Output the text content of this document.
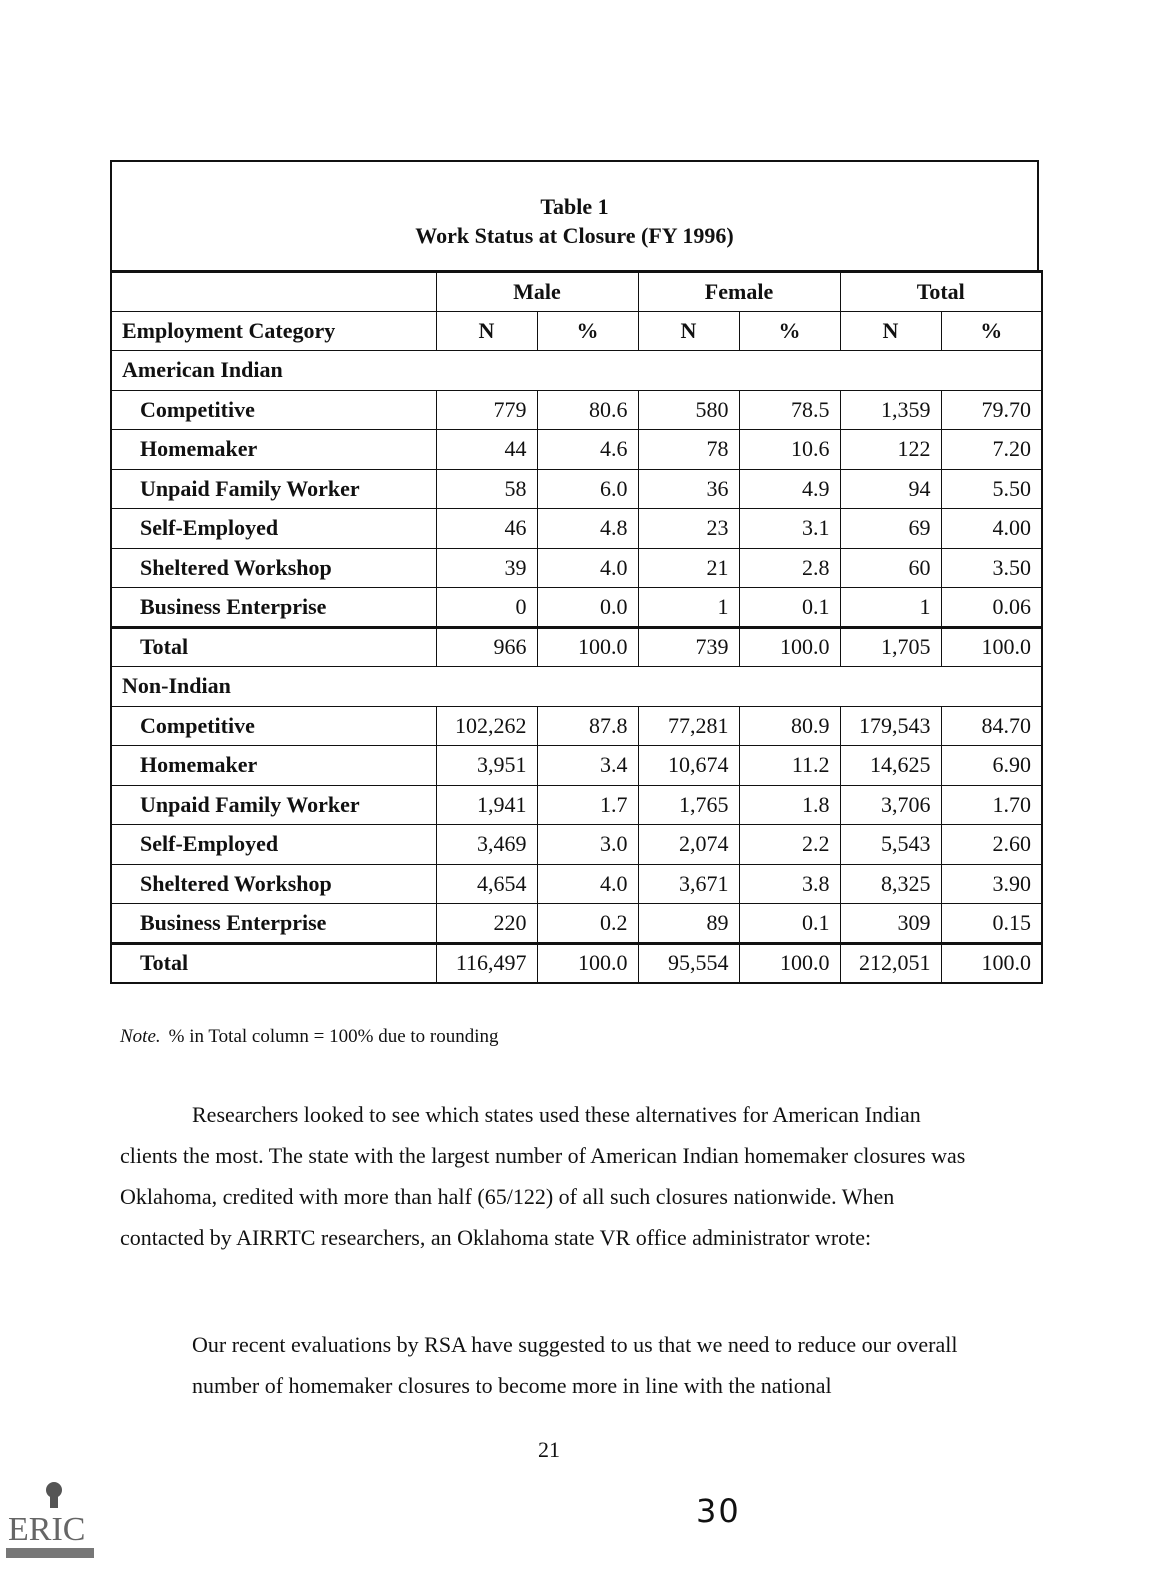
Table 1
Work Status at Closure (FY 1996)
	Male		Female		Total	
Employment Category	N	%	N	%	N	%
American Indian						
Competitive	779	80.6	580	78.5	1,359	79.70
Homemaker	44	4.6	78	10.6	122	7.20
Unpaid Family Worker	58	6.0	36	4.9	94	5.50
Self-Employed	46	4.8	23	3.1	69	4.00
Sheltered Workshop	39	4.0	21	2.8	60	3.50
Business Enterprise	0	0.0	1	0.1	1	0.06
Total	966	100.0	739	100.0	1,705	100.0
Non-Indian						
Competitive	102,262	87.8	77,281	80.9	179,543	84.70
Homemaker	3,951	3.4	10,674	11.2	14,625	6.90
Unpaid Family Worker	1,941	1.7	1,765	1.8	3,706	1.70
Self-Employed	3,469	3.0	2,074	2.2	5,543	2.60
Sheltered Workshop	4,654	4.0	3,671	3.8	8,325	3.90
Business Enterprise	220	0.2	89	0.1	309	0.15
Total	116,497	100.0	95,554	100.0	212,051	100.0
Note. % in Total column = 100% due to rounding

Researchers looked to see which states used these alternatives for American Indian clients the most. The state with the largest number of American Indian homemaker closures was Oklahoma, credited with more than half (65/122) of all such closures nationwide. When contacted by AIRRTC researchers, an Oklahoma state VR office administrator wrote:

Our recent evaluations by RSA have suggested to us that we need to reduce our overall number of homemaker closures to become more in line with the national
21
30
ERIC
